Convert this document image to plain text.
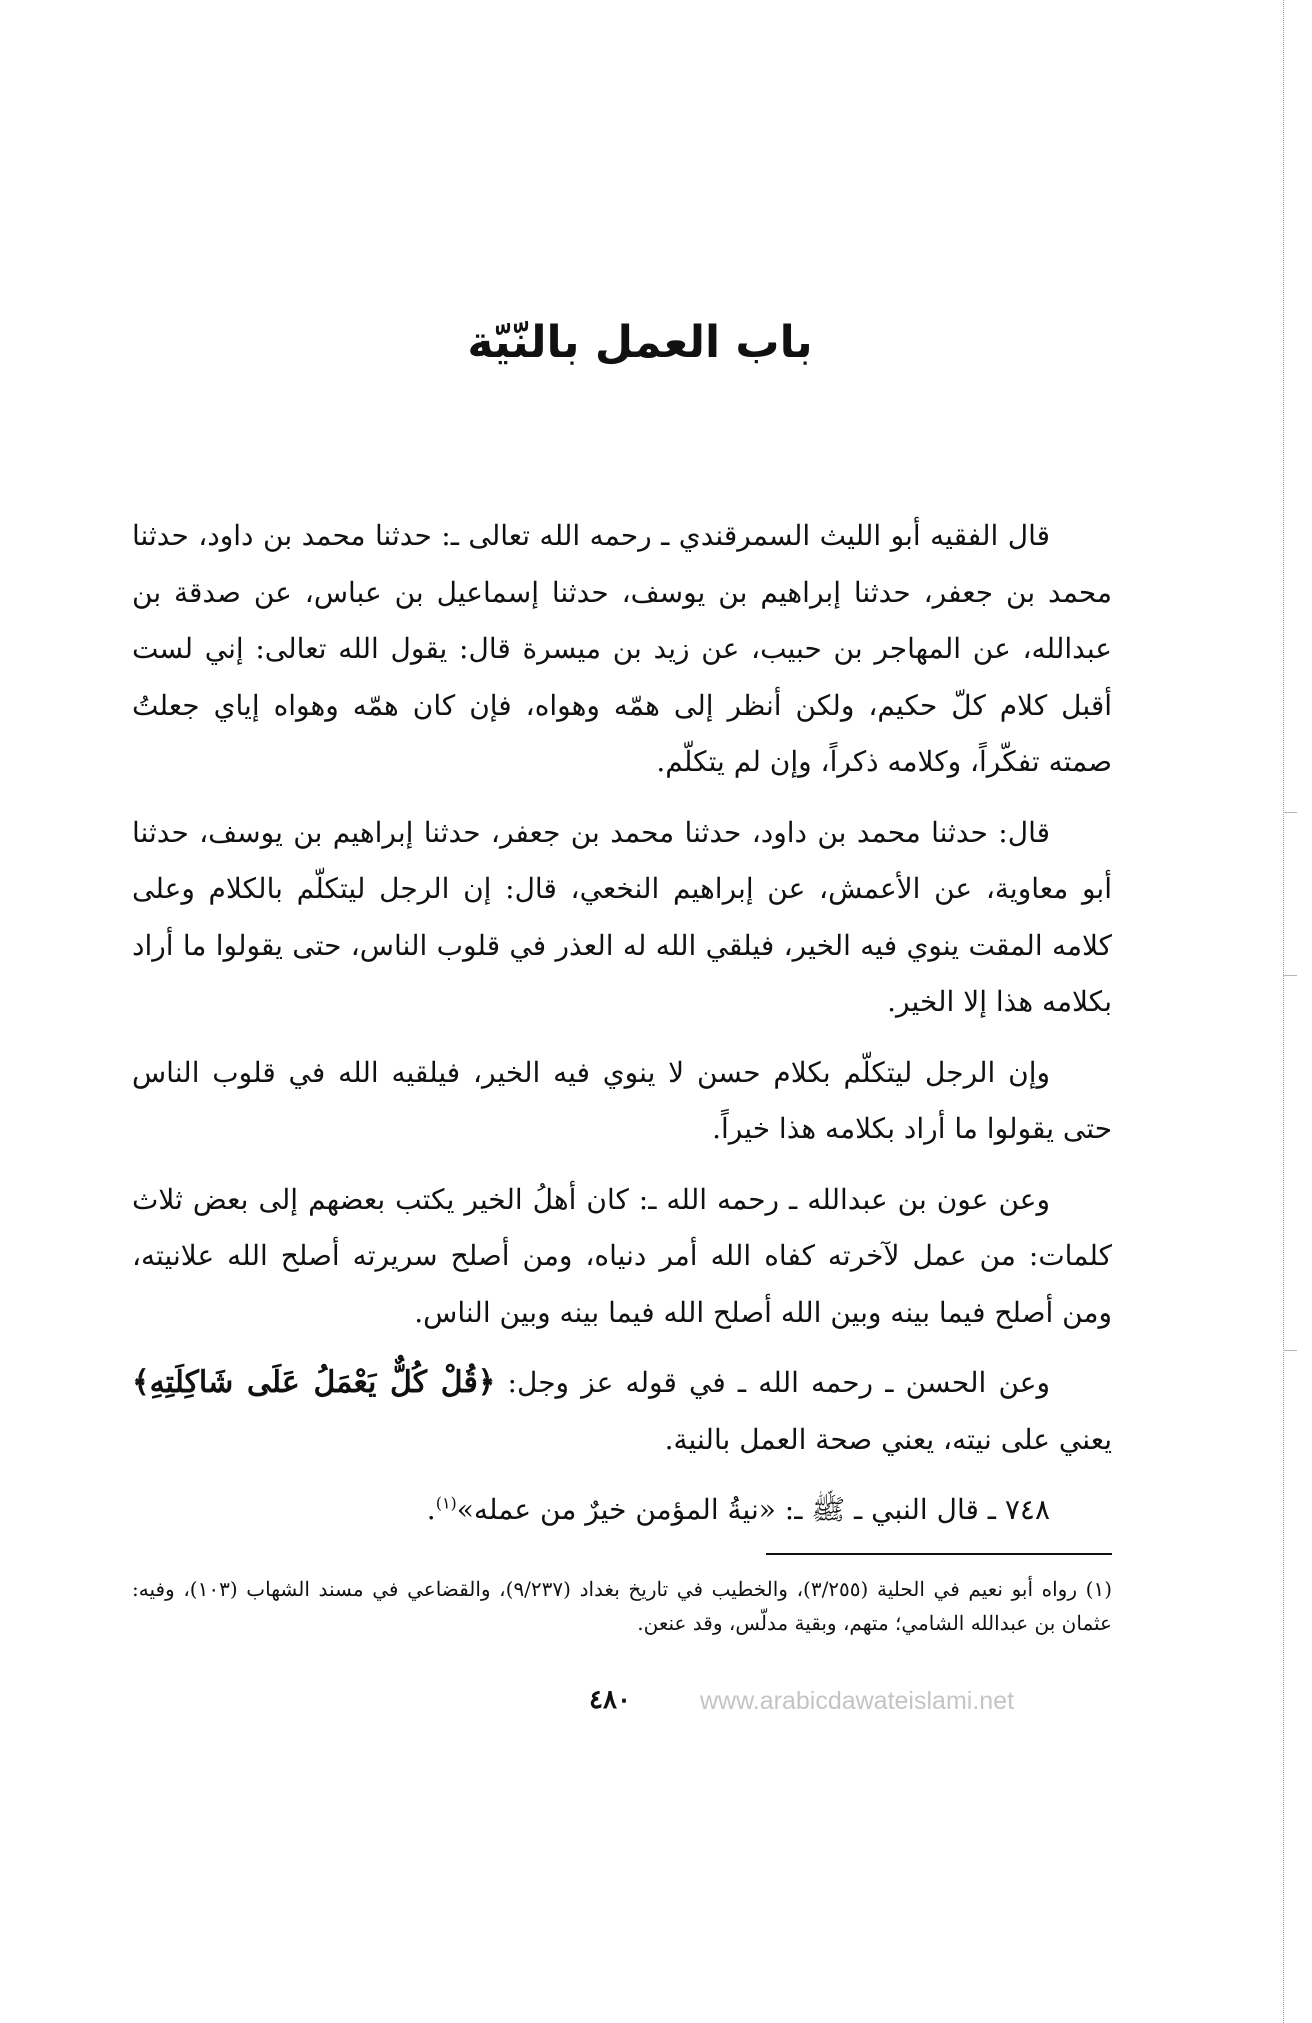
باب العمل بالنّيّة

قال الفقيه أبو الليث السمرقندي ـ رحمه الله تعالى ـ: حدثنا محمد بن داود، حدثنا محمد بن جعفر، حدثنا إبراهيم بن يوسف، حدثنا إسماعيل بن عباس، عن صدقة بن عبدالله، عن المهاجر بن حبيب، عن زيد بن ميسرة قال: يقول الله تعالى: إني لست أقبل كلام كلّ حكيم، ولكن أنظر إلى همّه وهواه، فإن كان همّه وهواه إياي جعلتُ صمته تفكّراً، وكلامه ذكراً، وإن لم يتكلّم.

قال: حدثنا محمد بن داود، حدثنا محمد بن جعفر، حدثنا إبراهيم بن يوسف، حدثنا أبو معاوية، عن الأعمش، عن إبراهيم النخعي، قال: إن الرجل ليتكلّم بالكلام وعلى كلامه المقت ينوي فيه الخير، فيلقي الله له العذر في قلوب الناس، حتى يقولوا ما أراد بكلامه هذا إلا الخير.

وإن الرجل ليتكلّم بكلام حسن لا ينوي فيه الخير، فيلقيه الله في قلوب الناس حتى يقولوا ما أراد بكلامه هذا خيراً.

وعن عون بن عبدالله ـ رحمه الله ـ: كان أهلُ الخير يكتب بعضهم إلى بعض ثلاث كلمات: من عمل لآخرته كفاه الله أمر دنياه، ومن أصلح سريرته أصلح الله علانيته، ومن أصلح فيما بينه وبين الله أصلح الله فيما بينه وبين الناس.

وعن الحسن ـ رحمه الله ـ في قوله عز وجل: ﴿قُلْ كُلٌّ يَعْمَلُ عَلَى شَاكِلَتِهِ﴾ يعني على نيته، يعني صحة العمل بالنية.

٧٤٨ ـ قال النبي ـ ﷺ ـ: «نيةُ المؤمن خيرٌ من عمله»$^{(١)}$.

(١) رواه أبو نعيم في الحلية (٣/٢٥٥)، والخطيب في تاريخ بغداد (٩/٢٣٧)، والقضاعي في مسند الشهاب (١٠٣)، وفيه: عثمان بن عبدالله الشامي؛ متهم، وبقية مدلّس، وقد عنعن.
٤٨٠	www.arabicdawateislami.net
